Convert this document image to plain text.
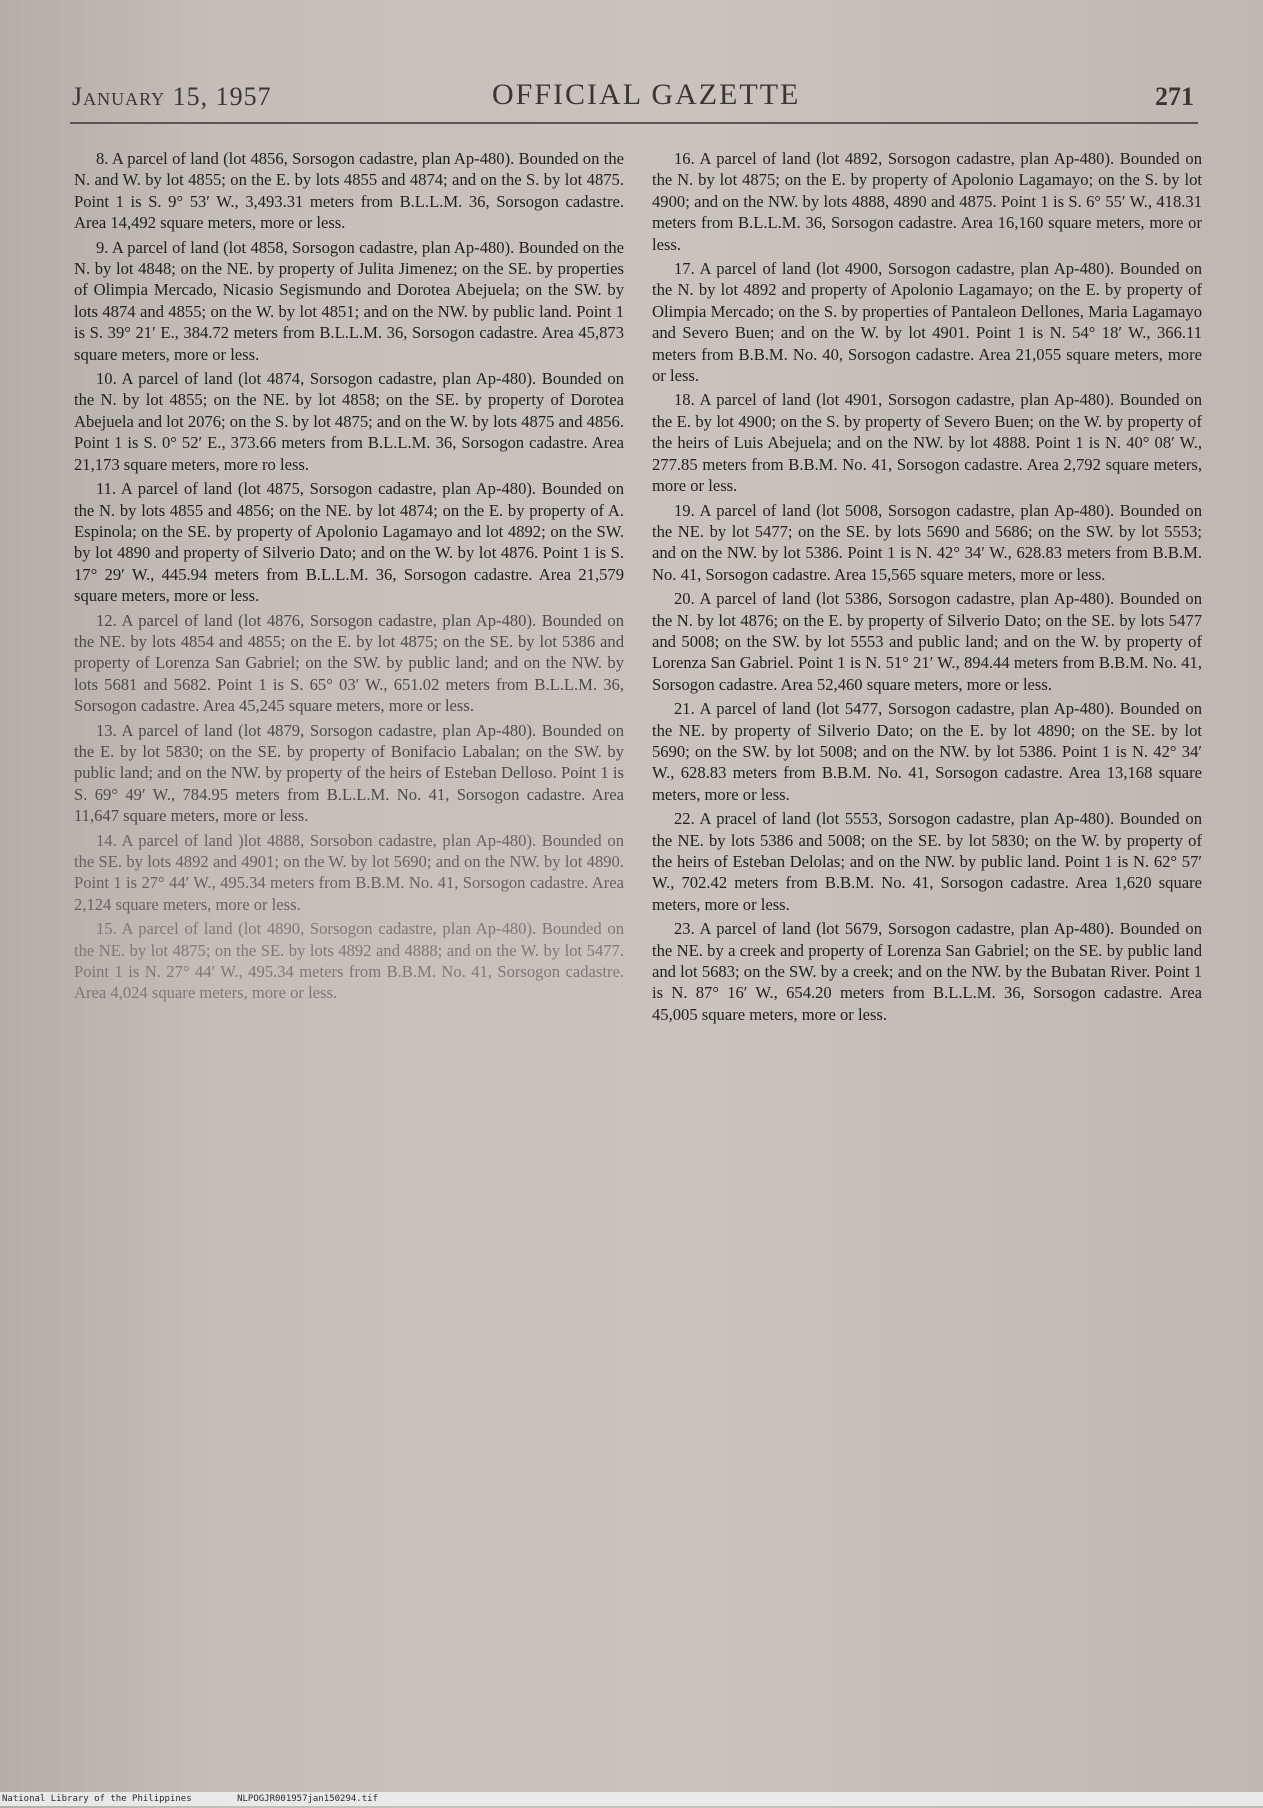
January 15, 1957	OFFICIAL GAZETTE	271

8. A parcel of land (lot 4856, Sorsogon cadastre, plan Ap-480). Bounded on the N. and W. by lot 4855; on the E. by lots 4855 and 4874; and on the S. by lot 4875. Point 1 is S. 9° 53′ W., 3,493.31 meters from B.L.L.M. 36, Sorsogon cadastre. Area 14,492 square meters, more or less.

9. A parcel of land (lot 4858, Sorsogon cadastre, plan Ap-480). Bounded on the N. by lot 4848; on the NE. by property of Julita Jimenez; on the SE. by properties of Olimpia Mercado, Nicasio Segismundo and Dorotea Abejuela; on the SW. by lots 4874 and 4855; on the W. by lot 4851; and on the NW. by public land. Point 1 is S. 39° 21′ E., 384.72 meters from B.L.L.M. 36, Sorsogon cadastre. Area 45,873 square meters, more or less.

10. A parcel of land (lot 4874, Sorsogon cadastre, plan Ap-480). Bounded on the N. by lot 4855; on the NE. by lot 4858; on the SE. by property of Dorotea Abejuela and lot 2076; on the S. by lot 4875; and on the W. by lots 4875 and 4856. Point 1 is S. 0° 52′ E., 373.66 meters from B.L.L.M. 36, Sorsogon cadastre. Area 21,173 square meters, more ro less.

11. A parcel of land (lot 4875, Sorsogon cadastre, plan Ap-480). Bounded on the N. by lots 4855 and 4856; on the NE. by lot 4874; on the E. by property of A. Espinola; on the SE. by property of Apolonio Lagamayo and lot 4892; on the SW. by lot 4890 and property of Silverio Dato; and on the W. by lot 4876. Point 1 is S. 17° 29′ W., 445.94 meters from B.L.L.M. 36, Sorsogon cadastre. Area 21,579 square meters, more or less.

12. A parcel of land (lot 4876, Sorsogon cadastre, plan Ap-480). Bounded on the NE. by lots 4854 and 4855; on the E. by lot 4875; on the SE. by lot 5386 and property of Lorenza San Gabriel; on the SW. by public land; and on the NW. by lots 5681 and 5682. Point 1 is S. 65° 03′ W., 651.02 meters from B.L.L.M. 36, Sorsogon cadastre. Area 45,245 square meters, more or less.

13. A parcel of land (lot 4879, Sorsogon cadastre, plan Ap-480). Bounded on the E. by lot 5830; on the SE. by property of Bonifacio Labalan; on the SW. by public land; and on the NW. by property of the heirs of Esteban Delloso. Point 1 is S. 69° 49′ W., 784.95 meters from B.L.L.M. No. 41, Sorsogon cadastre. Area 11,647 square meters, more or less.

14. A parcel of land )lot 4888, Sorsobon cadastre, plan Ap-480). Bounded on the SE. by lots 4892 and 4901; on the W. by lot 5690; and on the NW. by lot 4890. Point 1 is 27° 44′ W., 495.34 meters from B.B.M. No. 41, Sorsogon cadastre. Area 2,124 square meters, more or less.

15. A parcel of land (lot 4890, Sorsogon cadastre, plan Ap-480). Bounded on the NE. by lot 4875; on the SE. by lots 4892 and 4888; and on the W. by lot 5477. Point 1 is N. 27° 44′ W., 495.34 meters from B.B.M. No. 41, Sorsogon cadastre. Area 4,024 square meters, more or less.

16. A parcel of land (lot 4892, Sorsogon cadastre, plan Ap-480). Bounded on the N. by lot 4875; on the E. by property of Apolonio Lagamayo; on the S. by lot 4900; and on the NW. by lots 4888, 4890 and 4875. Point 1 is S. 6° 55′ W., 418.31 meters from B.L.L.M. 36, Sorsogon cadastre. Area 16,160 square meters, more or less.

17. A parcel of land (lot 4900, Sorsogon cadastre, plan Ap-480). Bounded on the N. by lot 4892 and property of Apolonio Lagamayo; on the E. by property of Olimpia Mercado; on the S. by properties of Pantaleon Dellones, Maria Lagamayo and Severo Buen; and on the W. by lot 4901. Point 1 is N. 54° 18′ W., 366.11 meters from B.B.M. No. 40, Sorsogon cadastre. Area 21,055 square meters, more or less.

18. A parcel of land (lot 4901, Sorsogon cadastre, plan Ap-480). Bounded on the E. by lot 4900; on the S. by property of Severo Buen; on the W. by property of the heirs of Luis Abejuela; and on the NW. by lot 4888. Point 1 is N. 40° 08′ W., 277.85 meters from B.B.M. No. 41, Sorsogon cadastre. Area 2,792 square meters, more or less.

19. A parcel of land (lot 5008, Sorsogon cadastre, plan Ap-480). Bounded on the NE. by lot 5477; on the SE. by lots 5690 and 5686; on the SW. by lot 5553; and on the NW. by lot 5386. Point 1 is N. 42° 34′ W., 628.83 meters from B.B.M. No. 41, Sorsogon cadastre. Area 15,565 square meters, more or less.

20. A parcel of land (lot 5386, Sorsogon cadastre, plan Ap-480). Bounded on the N. by lot 4876; on the E. by property of Silverio Dato; on the SE. by lots 5477 and 5008; on the SW. by lot 5553 and public land; and on the W. by property of Lorenza San Gabriel. Point 1 is N. 51° 21′ W., 894.44 meters from B.B.M. No. 41, Sorsogon cadastre. Area 52,460 square meters, more or less.

21. A parcel of land (lot 5477, Sorsogon cadastre, plan Ap-480). Bounded on the NE. by property of Silverio Dato; on the E. by lot 4890; on the SE. by lot 5690; on the SW. by lot 5008; and on the NW. by lot 5386. Point 1 is N. 42° 34′ W., 628.83 meters from B.B.M. No. 41, Sorsogon cadastre. Area 13,168 square meters, more or less.

22. A pracel of land (lot 5553, Sorsogon cadastre, plan Ap-480). Bounded on the NE. by lots 5386 and 5008; on the SE. by lot 5830; on the W. by property of the heirs of Esteban Delolas; and on the NW. by public land. Point 1 is N. 62° 57′ W., 702.42 meters from B.B.M. No. 41, Sorsogon cadastre. Area 1,620 square meters, more or less.

23. A parcel of land (lot 5679, Sorsogon cadastre, plan Ap-480). Bounded on the NE. by a creek and property of Lorenza San Gabriel; on the SE. by public land and lot 5683; on the SW. by a creek; and on the NW. by the Bubatan River. Point 1 is N. 87° 16′ W., 654.20 meters from B.L.L.M. 36, Sorsogon cadastre. Area 45,005 square meters, more or less.

National Library of the Philippines	NLPOGJR001957jan150294.tif
